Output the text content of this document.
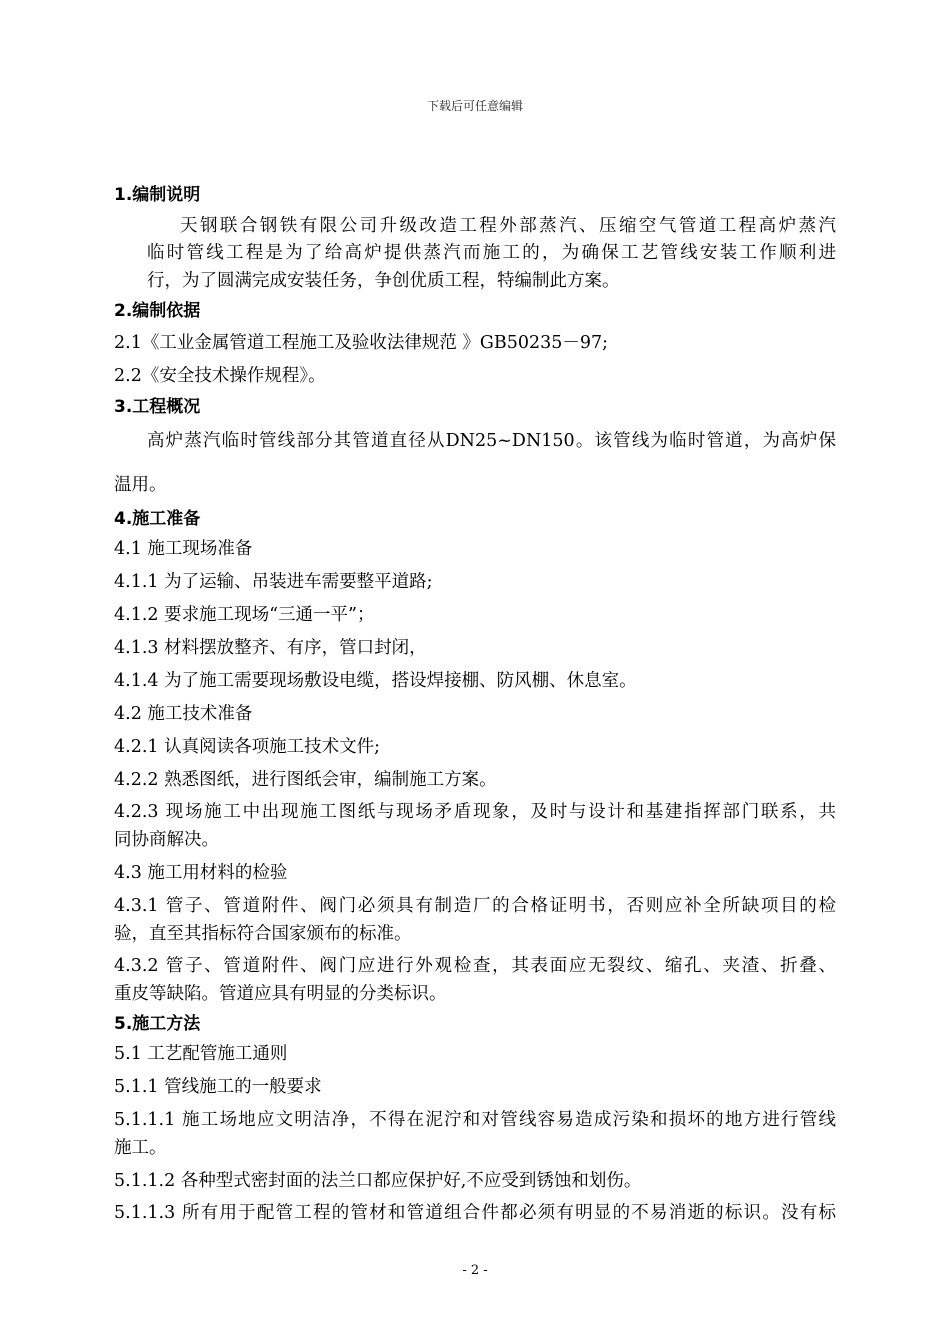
下载后可任意编辑
1.编制说明
天钢联合钢铁有限公司升级改造工程外部蒸汽、压缩空气管道工程高炉蒸汽
临时管线工程是为了给高炉提供蒸汽而施工的，为确保工艺管线安装工作顺利进
行，为了圆满完成安装任务，争创优质工程，特编制此方案。
2.编制依据
2.1《工业金属管道工程施工及验收法律规范 》GB50235－97;
2.2《安全技术操作规程》。
3.工程概况
高炉蒸汽临时管线部分其管道直径从DN25~DN150。该管线为临时管道，为高炉保
温用。
4.施工准备
4.1 施工现场准备
4.1.1 为了运输、吊装进车需要整平道路;
4.1.2 要求施工现场“三通一平”；
4.1.3 材料摆放整齐、有序，管口封闭，
4.1.4 为了施工需要现场敷设电缆，搭设焊接棚、防风棚、休息室。
4.2 施工技术准备
4.2.1 认真阅读各项施工技术文件;
4.2.2 熟悉图纸，进行图纸会审，编制施工方案。
4.2.3 现场施工中出现施工图纸与现场矛盾现象，及时与设计和基建指挥部门联系，共
同协商解决。
4.3 施工用材料的检验
4.3.1 管子、管道附件、阀门必须具有制造厂的合格证明书，否则应补全所缺项目的检
验，直至其指标符合国家颁布的标准。
4.3.2 管子、管道附件、阀门应进行外观检查，其表面应无裂纹、缩孔、夹渣、折叠、
重皮等缺陷。管道应具有明显的分类标识。
5.施工方法
5.1 工艺配管施工通则
5.1.1 管线施工的一般要求
5.1.1.1 施工场地应文明洁净，不得在泥泞和对管线容易造成污染和损坏的地方进行管线
施工。
5.1.1.2 各种型式密封面的法兰口都应保护好,不应受到锈蚀和划伤。
5.1.1.3 所有用于配管工程的管材和管道组合件都必须有明显的不易消逝的标识。没有标
- 2 -
